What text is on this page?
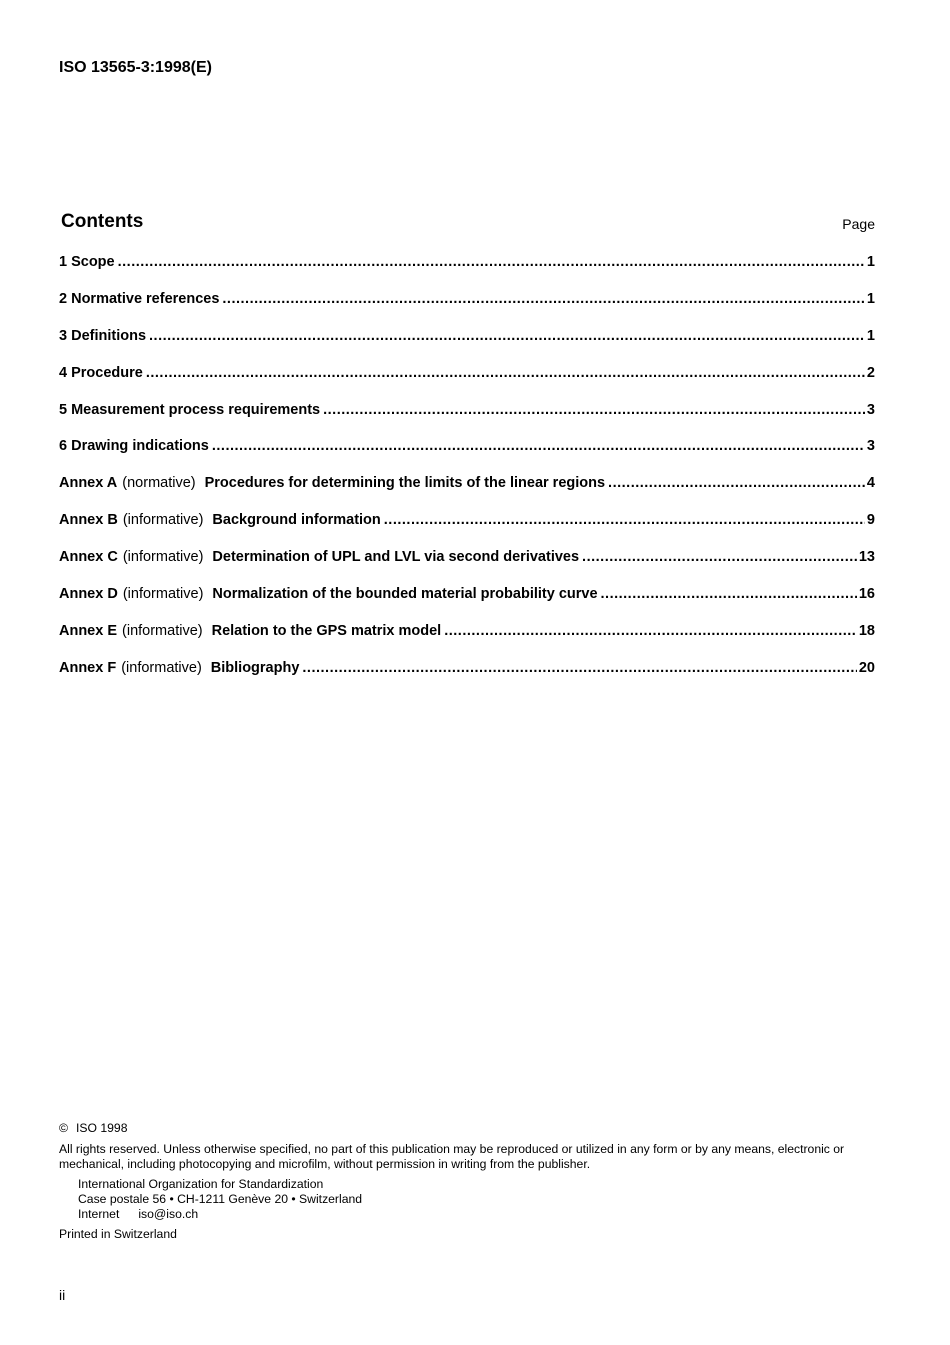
ISO 13565-3:1998(E)
Contents	Page
1 Scope .....	1
2 Normative references .....	1
3 Definitions .....	1
4 Procedure .....	2
5 Measurement process requirements .....	3
6 Drawing indications .....	3
Annex A (normative) Procedures for determining the limits of the linear regions .....	4
Annex B (informative) Background information .....	9
Annex C (informative) Determination of UPL and LVL via second derivatives .....	13
Annex D (informative) Normalization of the bounded material probability curve .....	16
Annex E (informative) Relation to the GPS matrix model .....	18
Annex F (informative) Bibliography .....	20
© ISO 1998
All rights reserved. Unless otherwise specified, no part of this publication may be reproduced or utilized in any form or by any means, electronic or mechanical, including photocopying and microfilm, without permission in writing from the publisher.
International Organization for Standardization
Case postale 56 • CH-1211 Genève 20 • Switzerland
Internet iso@iso.ch
Printed in Switzerland
ii
